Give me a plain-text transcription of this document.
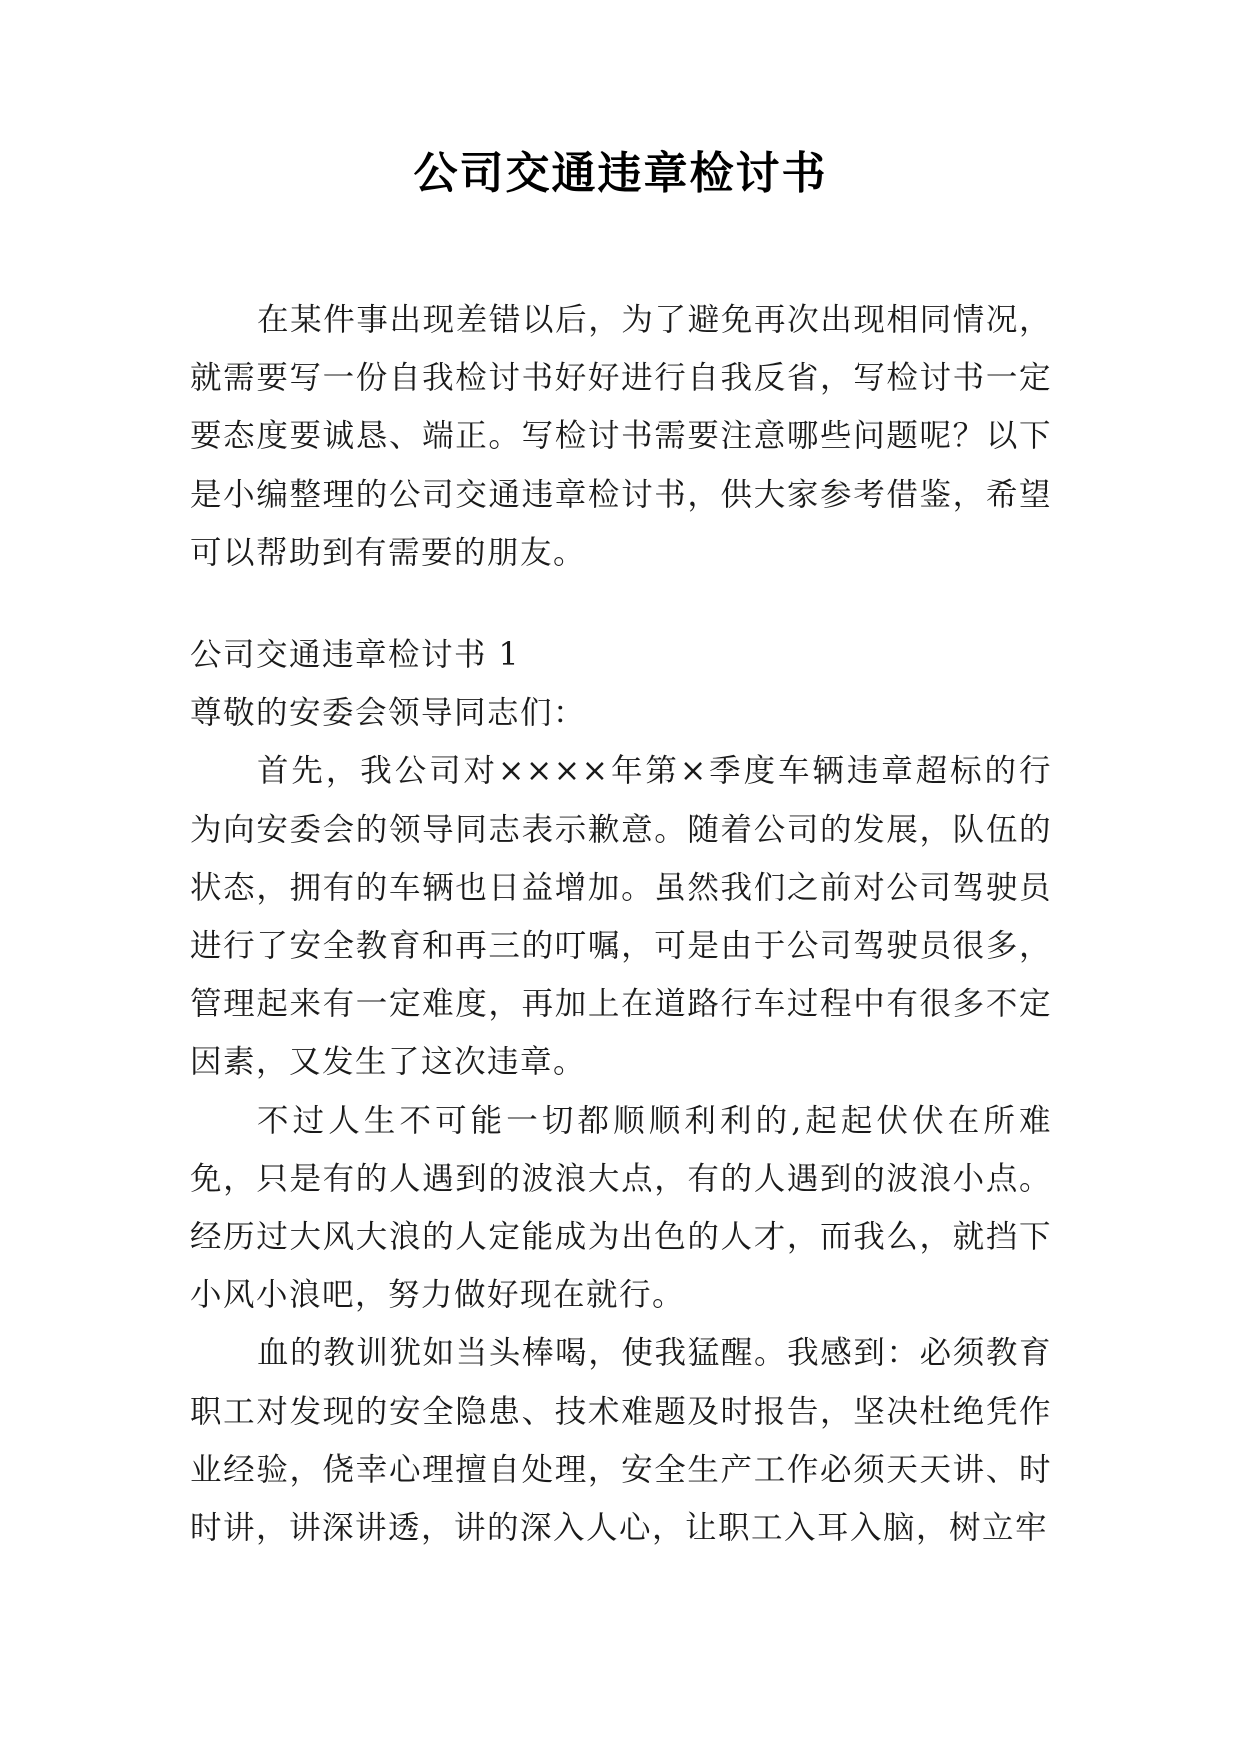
公司交通违章检讨书

在某件事出现差错以后，为了避免再次出现相同情况，就需要写一份自我检讨书好好进行自我反省，写检讨书一定要态度要诚恳、端正。写检讨书需要注意哪些问题呢？以下是小编整理的公司交通违章检讨书，供大家参考借鉴，希望可以帮助到有需要的朋友。

公司交通违章检讨书 1

尊敬的安委会领导同志们：

首先，我公司对××××年第×季度车辆违章超标的行为向安委会的领导同志表示歉意。随着公司的发展，队伍的状态，拥有的车辆也日益增加。虽然我们之前对公司驾驶员进行了安全教育和再三的叮嘱，可是由于公司驾驶员很多，管理起来有一定难度，再加上在道路行车过程中有很多不定因素，又发生了这次违章。

不过人生不可能一切都顺顺利利的,起起伏伏在所难免，只是有的人遇到的波浪大点，有的人遇到的波浪小点。经历过大风大浪的人定能成为出色的人才，而我么，就挡下小风小浪吧，努力做好现在就行。

血的教训犹如当头棒喝，使我猛醒。我感到：必须教育职工对发现的安全隐患、技术难题及时报告，坚决杜绝凭作业经验，侥幸心理擅自处理，安全生产工作必须天天讲、时时讲，讲深讲透，讲的深入人心，让职工入耳入脑，树立牢
